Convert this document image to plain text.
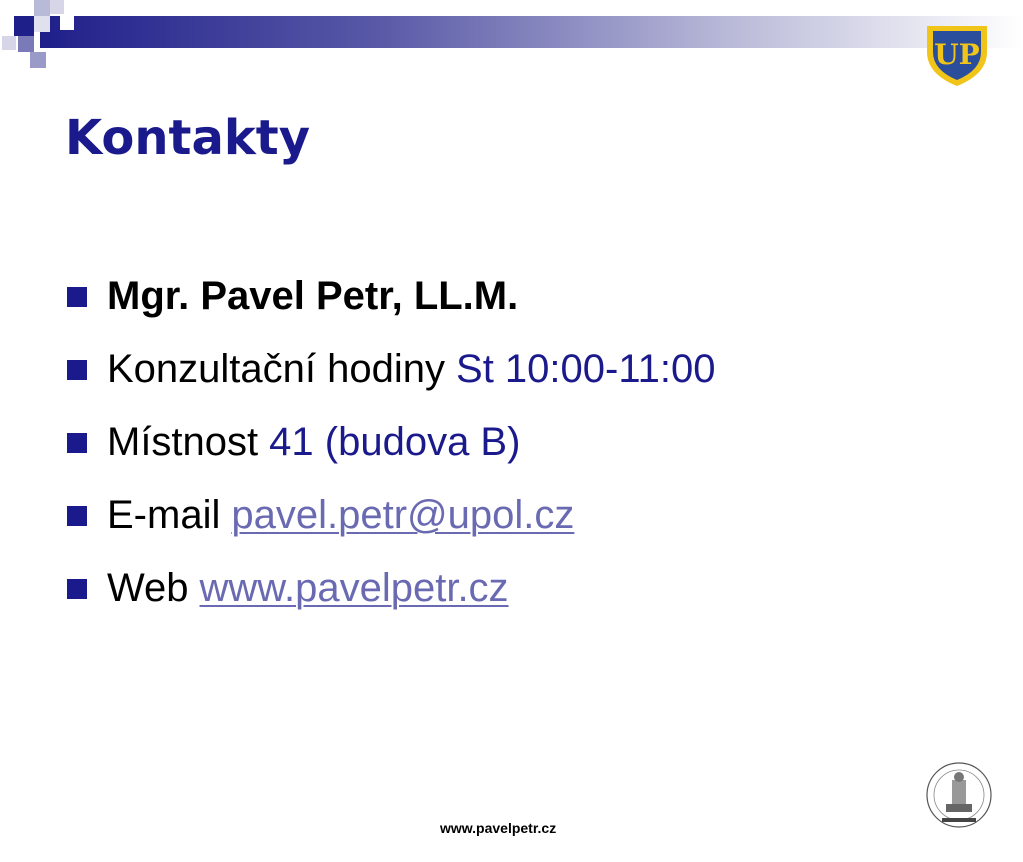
UP
Kontakty
Mgr. Pavel Petr, LL.M.
Konzultační hodiny St 10:00-11:00
Místnost 41 (budova B)
E-mail pavel.petr@upol.cz
Web www.pavelpetr.cz
www.pavelpetr.cz
